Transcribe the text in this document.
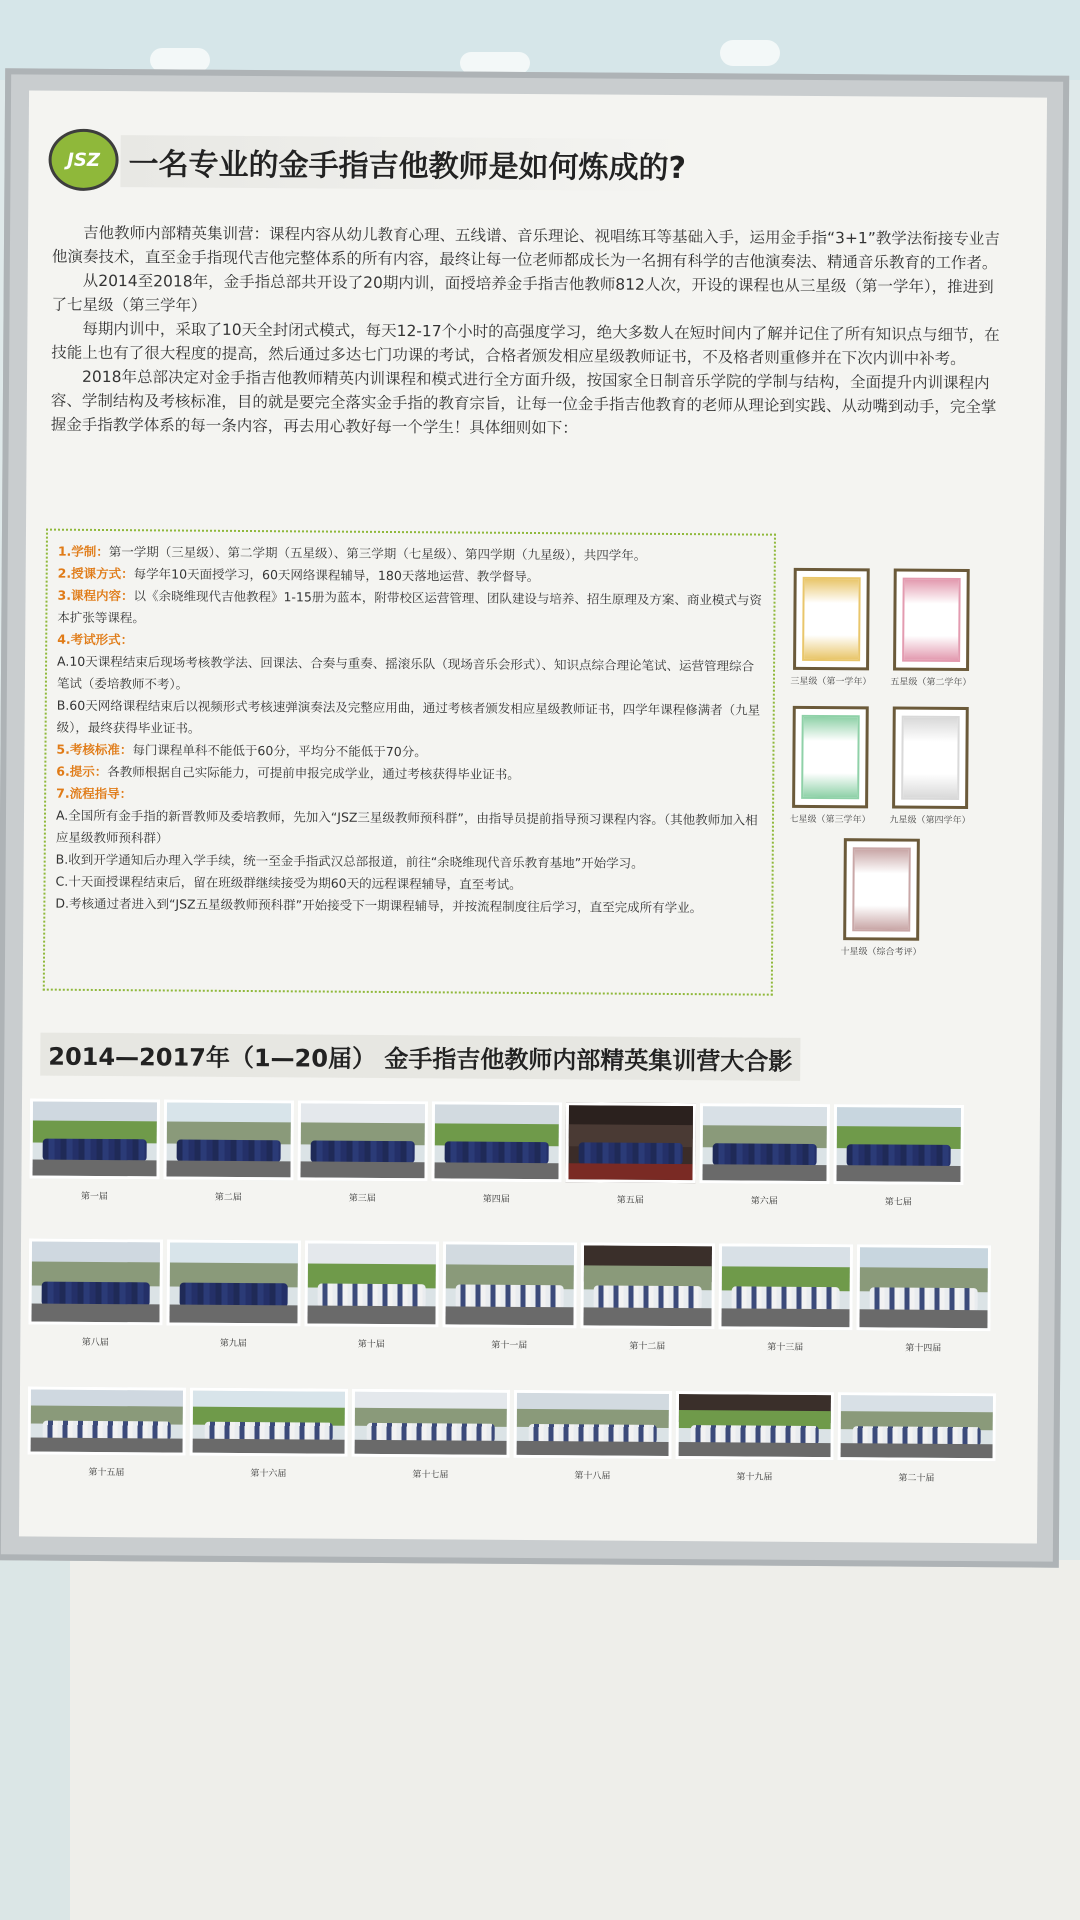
JSZ 一名专业的金手指吉他教师是如何炼成的?

吉他教师内部精英集训营：课程内容从幼儿教育心理、五线谱、音乐理论、视唱练耳等基础入手，运用金手指“3+1”教学法衔接专业吉他演奏技术，直至金手指现代吉他完整体系的所有内容，最终让每一位老师都成长为一名拥有科学的吉他演奏法、精通音乐教育的工作者。

从2014至2018年，金手指总部共开设了20期内训，面授培养金手指吉他教师812人次，开设的课程也从三星级（第一学年），推进到了七星级（第三学年）

每期内训中，采取了10天全封闭式模式，每天12-17个小时的高强度学习，绝大多数人在短时间内了解并记住了所有知识点与细节，在技能上也有了很大程度的提高，然后通过多达七门功课的考试，合格者颁发相应星级教师证书，不及格者则重修并在下次内训中补考。

2018年总部决定对金手指吉他教师精英内训课程和模式进行全方面升级，按国家全日制音乐学院的学制与结构，全面提升内训课程内容、学制结构及考核标准，目的就是要完全落实金手指的教育宗旨，让每一位金手指吉他教育的老师从理论到实践、从动嘴到动手，完全掌握金手指教学体系的每一条内容，再去用心教好每一个学生！具体细则如下：

1.学制：第一学期（三星级）、第二学期（五星级）、第三学期（七星级）、第四学期（九星级），共四学年。
2.授课方式：每学年10天面授学习，60天网络课程辅导，180天落地运营、教学督导。
3.课程内容：以《余晓维现代吉他教程》1-15册为蓝本，附带校区运营管理、团队建设与培养、招生原理及方案、商业模式与资本扩张等课程。
4.考试形式：
A.10天课程结束后现场考核教学法、回课法、合奏与重奏、摇滚乐队（现场音乐会形式）、知识点综合理论笔试、运营管理综合笔试（委培教师不考）。
B.60天网络课程结束后以视频形式考核速弹演奏法及完整应用曲，通过考核者颁发相应星级教师证书，四学年课程修满者（九星级），最终获得毕业证书。
5.考核标准：每门课程单科不能低于60分，平均分不能低于70分。
6.提示：各教师根据自己实际能力，可提前申报完成学业，通过考核获得毕业证书。
7.流程指导：
A.全国所有金手指的新晋教师及委培教师，先加入“JSZ三星级教师预科群”，由指导员提前指导预习课程内容。（其他教师加入相应星级教师预科群）
B.收到开学通知后办理入学手续，统一至金手指武汉总部报道，前往“余晓维现代音乐教育基地”开始学习。
C.十天面授课程结束后，留在班级群继续接受为期60天的远程课程辅导，直至考试。
D.考核通过者进入到“JSZ五星级教师预科群”开始接受下一期课程辅导，并按流程制度往后学习，直至完成所有学业。
三星级（第一学年）	五星级（第二学年）
七星级（第三学年）	九星级（第四学年）
十星级（综合考评）
2014—2017年（1—20届） 金手指吉他教师内部精英集训营大合影
第一届	第二届	第三届	第四届	第五届	第六届	第七届
第八届	第九届	第十届	第十一届	第十二届	第十三届	第十四届
第十五届	第十六届	第十七届	第十八届	第十九届	第二十届
